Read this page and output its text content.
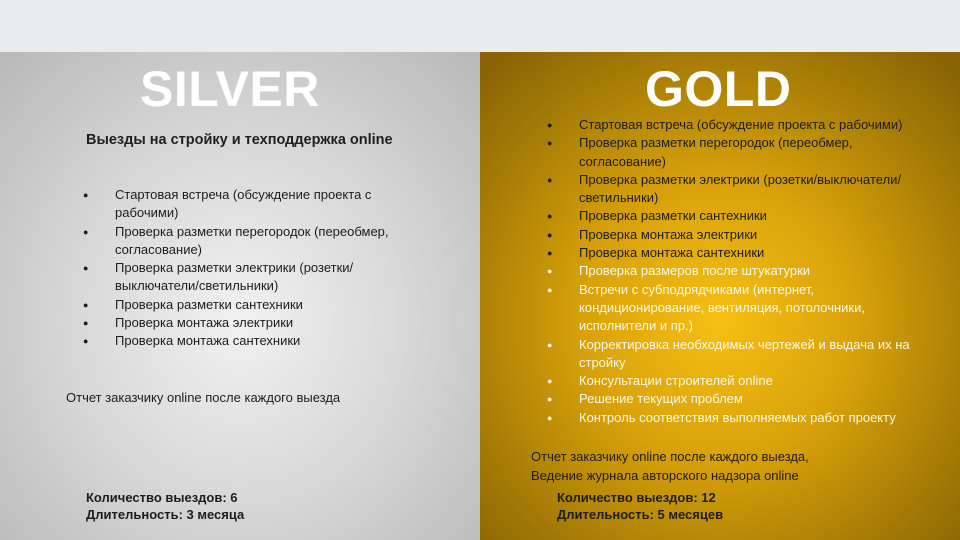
SILVER
Выезды на стройку и техподдержка online
● Стартовая встреча (обсуждение проекта с рабочими)
● Проверка разметки перегородок (переобмер, согласование)
● Проверка разметки электрики (розетки/выключатели/светильники)
● Проверка разметки сантехники
● Проверка монтажа электрики
● Проверка монтажа сантехники
Отчет заказчику online после каждого выезда
Количество выездов: 6
Длительность: 3 месяца
GOLD
● Стартовая встреча (обсуждение проекта с рабочими)
● Проверка разметки перегородок (переобмер, согласование)
● Проверка разметки электрики (розетки/выключатели/светильники)
● Проверка разметки сантехники
● Проверка монтажа электрики
● Проверка монтажа сантехники
● Проверка размеров после штукатурки
● Встречи с субподрядчиками (интернет, кондиционирование, вентиляция, потолочники, исполнители и пр.)
● Корректировка необходимых чертежей и выдача их на стройку
● Консультации строителей online
● Решение текущих проблем
● Контроль соответствия выполняемых работ проекту
Отчет заказчику online после каждого выезда,
Ведение журнала авторского надзора online
Количество выездов: 12
Длительность: 5 месяцев
